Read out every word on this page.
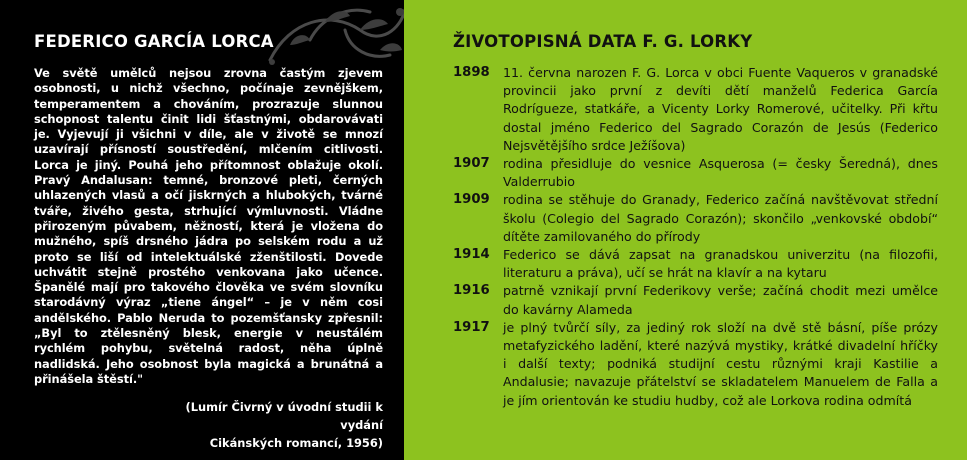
FEDERICO GARCÍA LORCA
Ve světě umělců nejsou zrovna častým zjevem osobnosti, u nichž všechno, počínaje zevnějškem, temperamentem a chováním, prozrazuje slunnou schopnost talentu činit lidi šťastnými, obdarovávati je. Vyjevují ji všichni v díle, ale v životě se mnozí uzavírají přísností soustředění, mlčením citlivosti. Lorca je jiný. Pouhá jeho přítomnost oblažuje okolí. Pravý Andalusan: temné, bronzové pleti, černých uhlazených vlasů a očí jiskrných a hlubokých, tvárné tváře, živého gesta, strhující výmluvnosti. Vládne přirozeným půvabem, něžností, která je vložena do mužného, spíš drsného jádra po selském rodu a už proto se liší od intelektuálské zženštilosti. Dovede uchvátit stejně prostého venkovana jako učence. Španělé mají pro takového člověka ve svém slovníku starodávný výraz „tiene ángel“ – je v něm cosi andělského. Pablo Neruda to pozemšťansky zpřesnil: „Byl to ztělesněný blesk, energie v neustálém rychlém pohybu, světelná radost, něha úplně nadlidská. Jeho osobnost byla magická a brunátná a přinášela štěstí."
(Lumír Čivrný v úvodní studii k vydání
Cikánských romancí, 1956)
ŽIVOTOPISNÁ DATA F. G. LORKY
1898	11. června narozen F. G. Lorca v obci Fuente Vaqueros v granadské provincii jako první z devíti dětí manželů Federica García Rodrígueze, statkáře, a Vicenty Lorky Romerové, učitelky. Při křtu dostal jméno Federico del Sagrado Corazón de Jesús (Federico Nejsvětějšího srdce Ježíšova)
1907	rodina přesidluje do vesnice Asquerosa (= česky Šeredná), dnes Valderrubio
1909	rodina se stěhuje do Granady, Federico začíná navštěvovat střední školu (Colegio del Sagrado Corazón); skončilo „venkovské období“ dítěte zamilovaného do přírody
1914	Federico se dává zapsat na granadskou univerzitu (na filozofii, literaturu a práva), učí se hrát na klavír a na kytaru
1916	patrně vznikají první Federikovy verše; začíná chodit mezi umělce do kavárny Alameda
1917	je plný tvůrčí síly, za jediný rok složí na dvě stě básní, píše prózy metafyzického ladění, které nazývá mystiky, krátké divadelní hříčky i další texty; podniká studijní cestu různými kraji Kastilie a Andalusie; navazuje přátelství se skladatelem Manuelem de Falla a je jím orientován ke studiu hudby, což ale Lorkova rodina odmítá
